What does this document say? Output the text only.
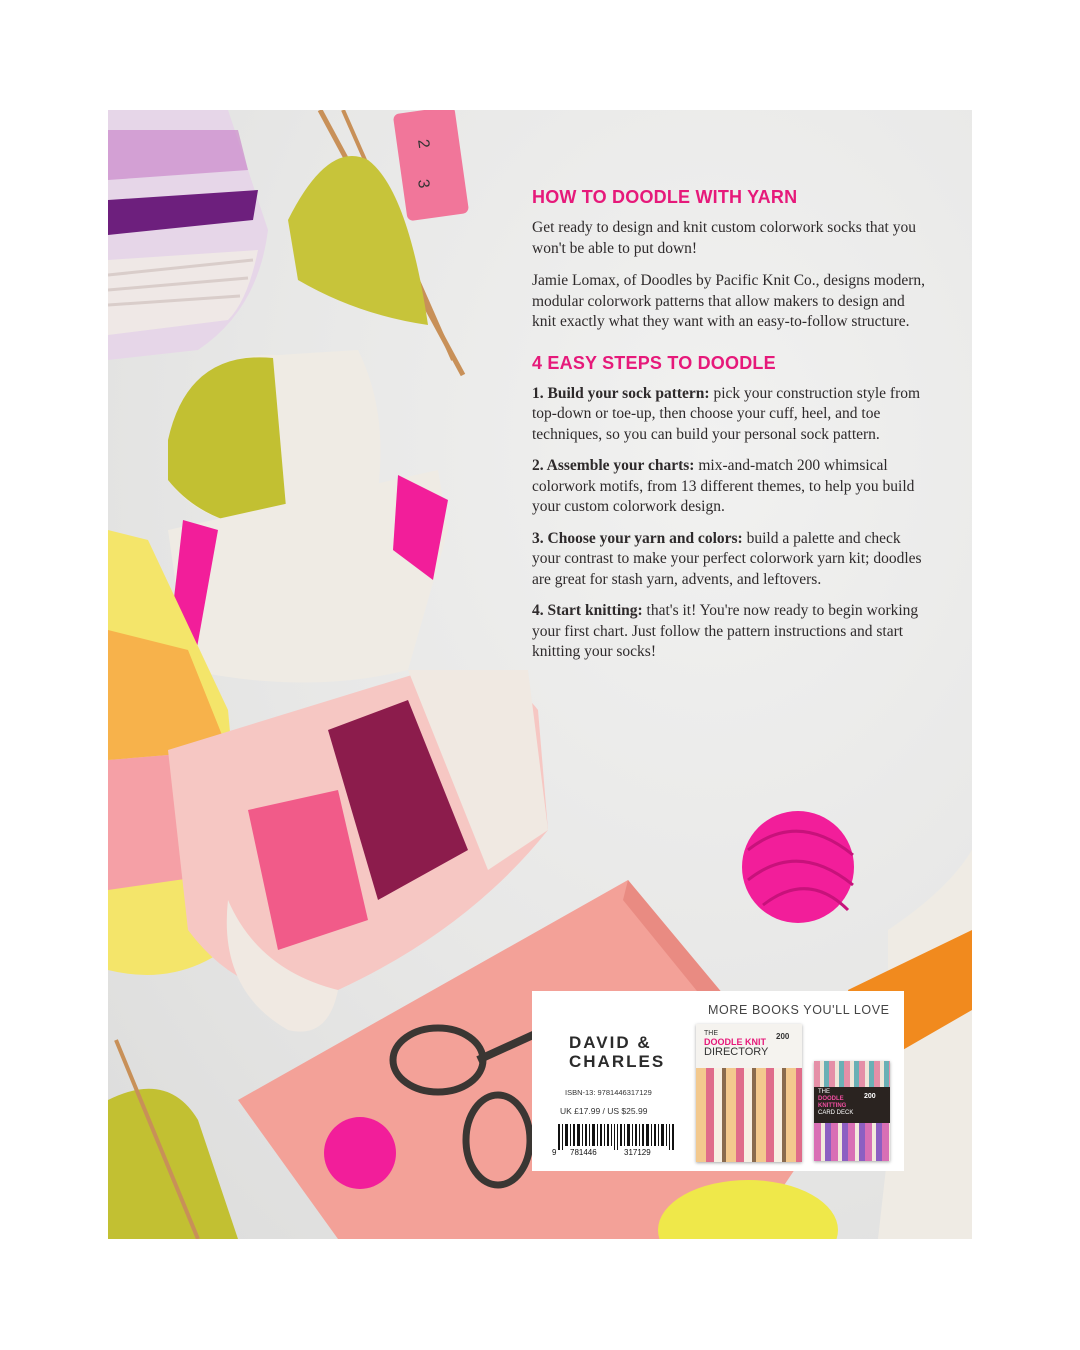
2
3
HOW TO DOODLE WITH YARN

Get ready to design and knit custom colorwork socks that you won't be able to put down!

Jamie Lomax, of Doodles by Pacific Knit Co., designs modern, modular colorwork patterns that allow makers to design and knit exactly what they want with an easy-to-follow structure.

4 EASY STEPS TO DOODLE

1. Build your sock pattern: pick your construction style from top-down or toe-up, then choose your cuff, heel, and toe techniques, so you can build your personal sock pattern.

2. Assemble your charts: mix-and-match 200 whimsical colorwork motifs, from 13 different themes, to help you build your custom colorwork design.

3. Choose your yarn and colors: build a palette and check your contrast to make your perfect colorwork yarn kit; doodles are great for stash yarn, advents, and leftovers.

4. Start knitting: that's it! You're now ready to begin working your first chart. Just follow the pattern instructions and start knitting your socks!

DAVID &
CHARLES
ISBN-13: 9781446317129
UK £17.99 / US $25.99
9 781446	317129
MORE BOOKS YOU'LL LOVE
THE
DOODLE KNIT
DIRECTORY
200
THE
DOODLE
KNITTING
CARD DECK
200
